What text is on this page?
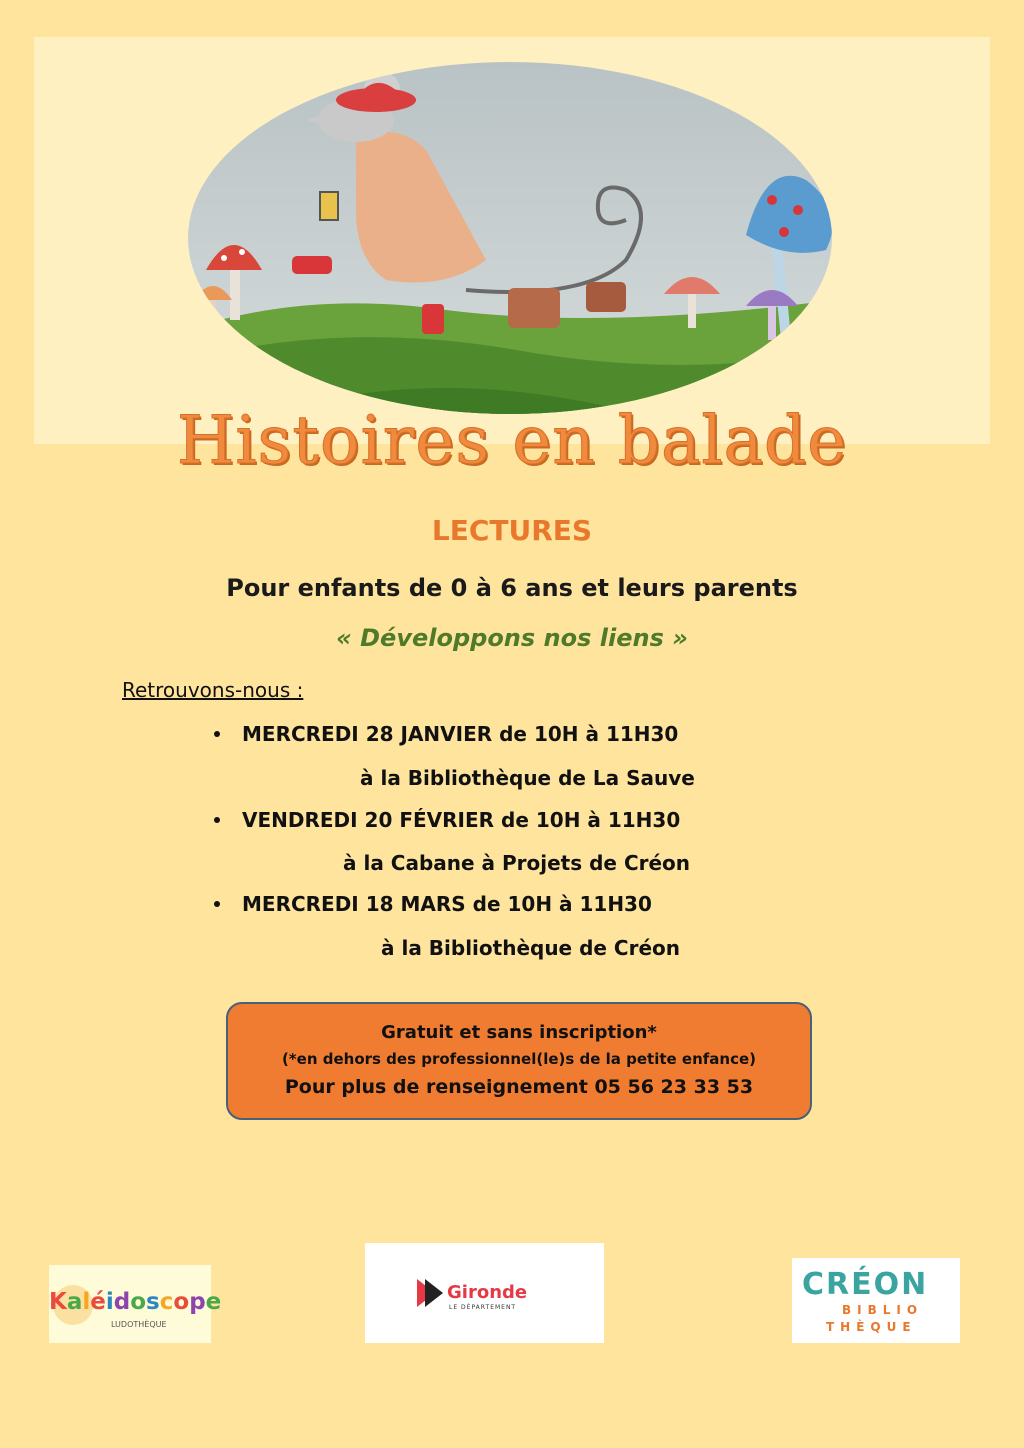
Histoires en balade
LECTURES
Pour enfants de 0 à 6 ans et leurs parents
« Développons nos liens »
Retrouvons-nous :
MERCREDI 28 JANVIER de 10H à 11H30
à la Bibliothèque de La Sauve
VENDREDI 20 FÉVRIER de 10H à 11H30
à la Cabane à Projets de Créon
MERCREDI 18 MARS de 10H à 11H30
à la Bibliothèque de Créon
Gratuit et sans inscription*
(*en dehors des professionnel(le)s de la petite enfance)
Pour plus de renseignement 05 56 23 33 53
Kaléidoscope
LUDOTHÈQUE
Gironde
LE DÉPARTEMENT
CRÉON
BIBLIO
THÈQUE
